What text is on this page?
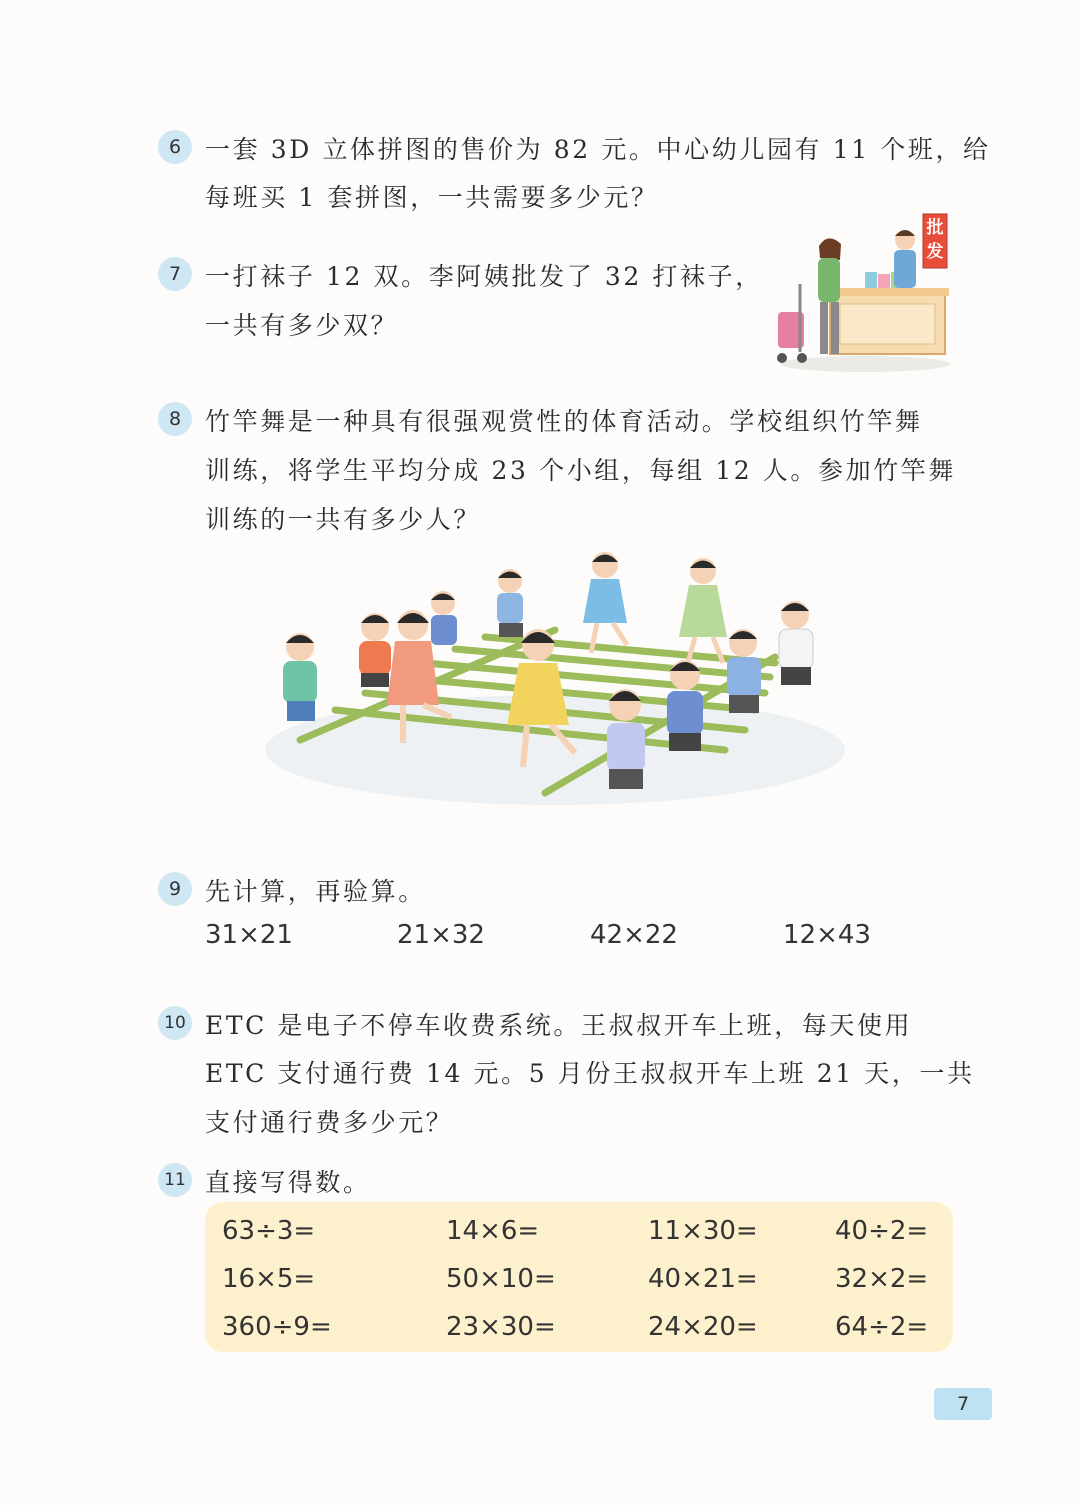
6 一套 3D 立体拼图的售价为 82 元。中心幼儿园有 11 个班，给
每班买 1 套拼图，一共需要多少元？
7 一打袜子 12 双。李阿姨批发了 32 打袜子，
一共有多少双？
批
发
8 竹竿舞是一种具有很强观赏性的体育活动。学校组织竹竿舞
训练，将学生平均分成 23 个小组，每组 12 人。参加竹竿舞
训练的一共有多少人？
9 先计算，再验算。
31×21	21×32	42×22	12×43
10 ETC 是电子不停车收费系统。王叔叔开车上班，每天使用
ETC 支付通行费 14 元。5 月份王叔叔开车上班 21 天，一共
支付通行费多少元？
11 直接写得数。
63÷3=	14×6=	11×30=	40÷2=
16×5=	50×10=	40×21=	32×2=
360÷9=	23×30=	24×20=	64÷2=
7
